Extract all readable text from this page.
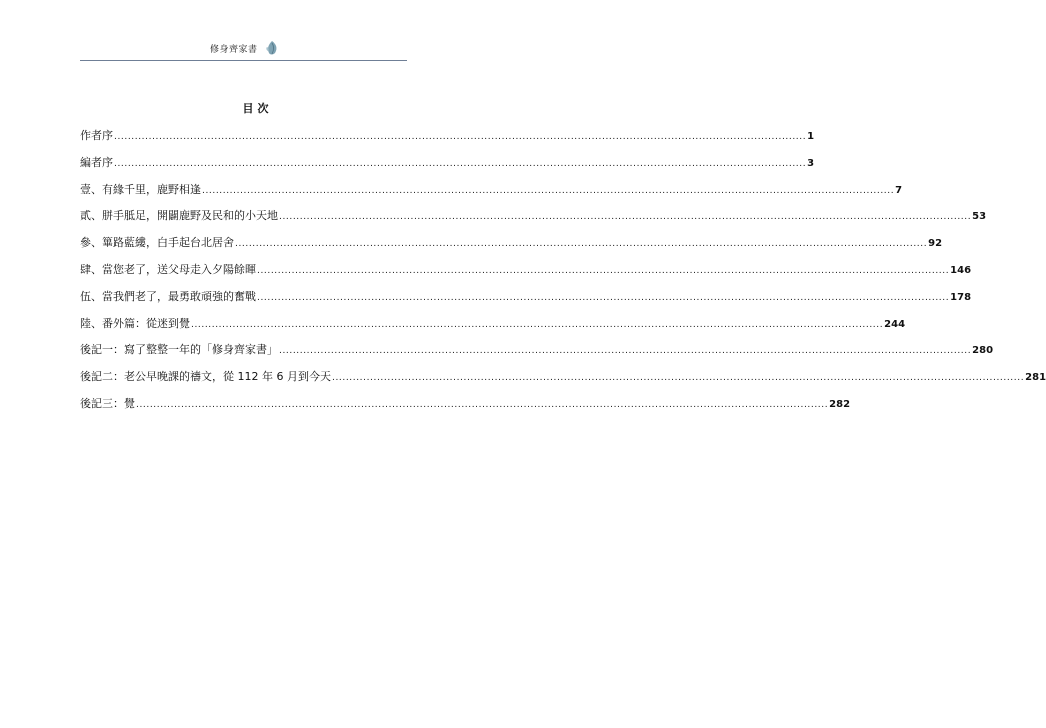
修身齊家書
目次
作者序 ........................................................................................................................................................................................................ 1
編者序 ........................................................................................................................................................................................................ 3
壹、有緣千里，鹿野相逢 ........................................................................................................................................................................................................ 7
貳、胼手胝足，開闢鹿野及民和的小天地 ........................................................................................................................................................................................................ 53
參、篳路藍縷，白手起台北居舍 ........................................................................................................................................................................................................ 92
肆、當您老了，送父母走入夕陽餘暉 ........................................................................................................................................................................................................ 146
伍、當我們老了，最勇敢頑強的奮戰 ........................................................................................................................................................................................................ 178
陸、番外篇：從迷到覺 ........................................................................................................................................................................................................ 244
後記一：寫了整整一年的「修身齊家書」 ........................................................................................................................................................................................................ 280
後記二：老公早晚課的禱文，從 112 年 6 月到今天 ........................................................................................................................................................................................................ 281
後記三：覺 ........................................................................................................................................................................................................ 282
